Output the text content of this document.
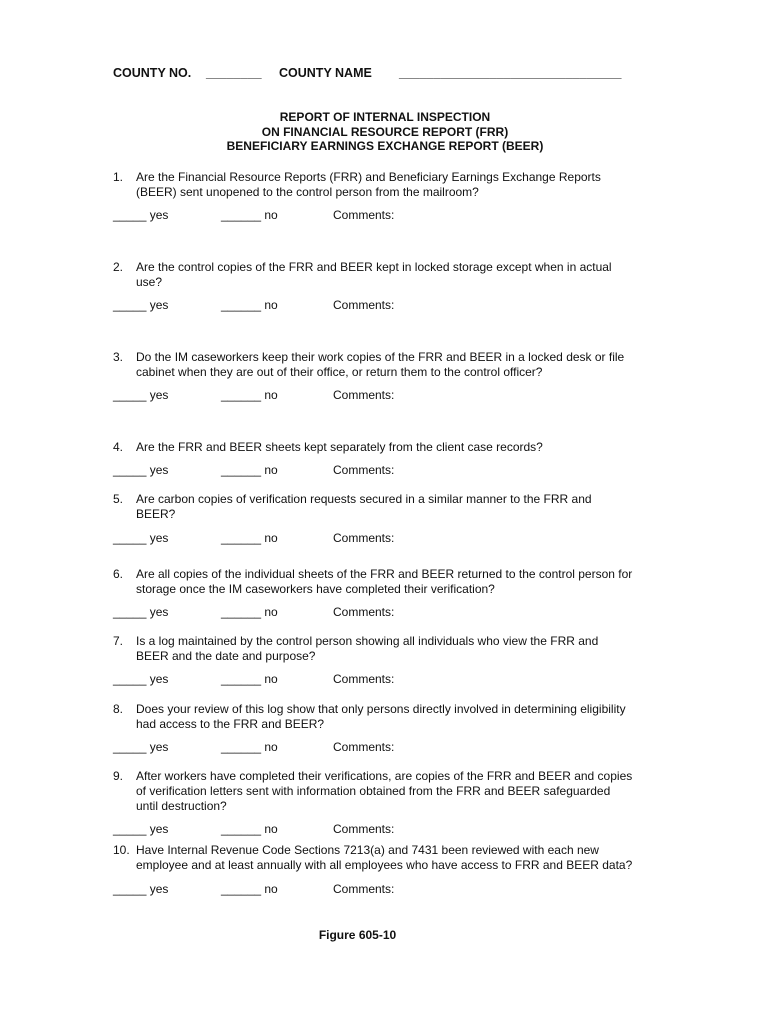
COUNTY NO. ________ COUNTY NAME ________________________________
REPORT OF INTERNAL INSPECTION
ON FINANCIAL RESOURCE REPORT (FRR)
BENEFICIARY EARNINGS EXCHANGE REPORT (BEER)
1. Are the Financial Resource Reports (FRR) and Beneficiary Earnings Exchange Reports
(BEER) sent unopened to the control person from the mailroom?
_____ yes	______ no	Comments:
2. Are the control copies of the FRR and BEER kept in locked storage except when in actual
use?
_____ yes	______ no	Comments:
3. Do the IM caseworkers keep their work copies of the FRR and BEER in a locked desk or file
cabinet when they are out of their office, or return them to the control officer?
_____ yes	______ no	Comments:
4. Are the FRR and BEER sheets kept separately from the client case records?
_____ yes	______ no	Comments:
5. Are carbon copies of verification requests secured in a similar manner to the FRR and
BEER?
_____ yes	______ no	Comments:
6. Are all copies of the individual sheets of the FRR and BEER returned to the control person for
storage once the IM caseworkers have completed their verification?
_____ yes	______ no	Comments:
7. Is a log maintained by the control person showing all individuals who view the FRR and
BEER and the date and purpose?
_____ yes	______ no	Comments:
8. Does your review of this log show that only persons directly involved in determining eligibility
had access to the FRR and BEER?
_____ yes	______ no	Comments:
9. After workers have completed their verifications, are copies of the FRR and BEER and copies
of verification letters sent with information obtained from the FRR and BEER safeguarded
until destruction?
_____ yes	______ no	Comments:
10. Have Internal Revenue Code Sections 7213(a) and 7431 been reviewed with each new
employee and at least annually with all employees who have access to FRR and BEER data?
_____ yes	______ no	Comments:
Figure 605-10
